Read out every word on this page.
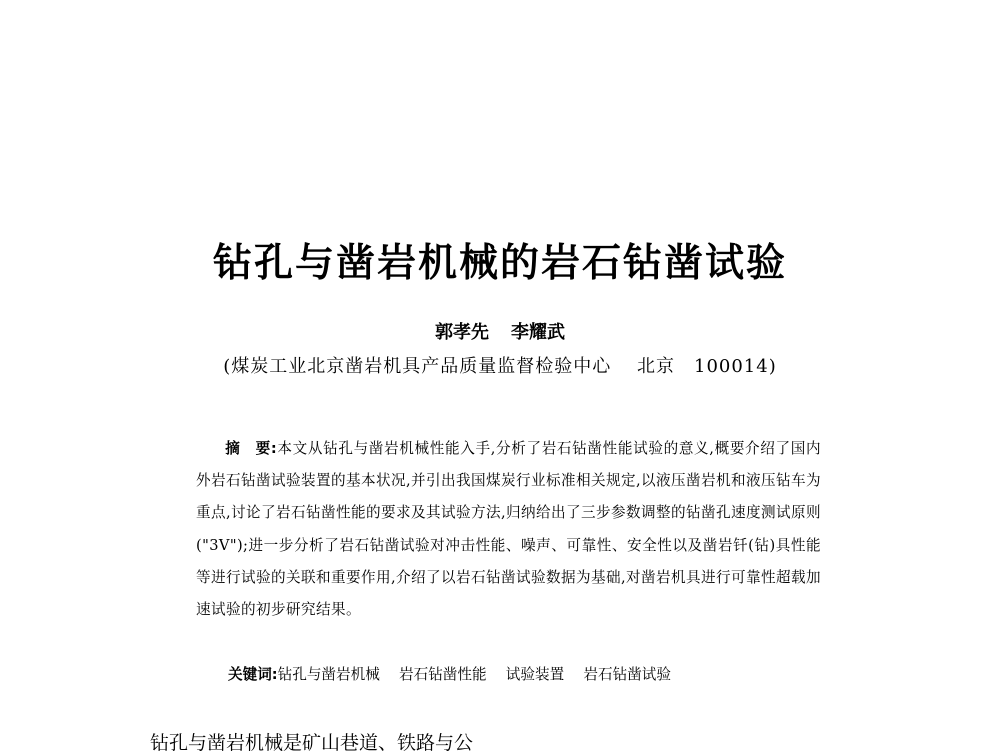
钻孔与凿岩机械的岩石钻凿试验
郭孝先 李耀武
(煤炭工业北京凿岩机具产品质量监督检验中心　 北京　100014)

摘　要:本文从钻孔与凿岩机械性能入手,分析了岩石钻凿性能试验的意义,概要介绍了国内外岩石钻凿试验装置的基本状况,并引出我国煤炭行业标准相关规定,以液压凿岩机和液压钻车为重点,讨论了岩石钻凿性能的要求及其试验方法,归纳给出了三步参数调整的钻凿孔速度测试原则("3V");进一步分析了岩石钻凿试验对冲击性能、噪声、可靠性、安全性以及凿岩钎(钻)具性能等进行试验的关联和重要作用,介绍了以岩石钻凿试验数据为基础,对凿岩机具进行可靠性超载加速试验的初步研究结果。

关键词:钻孔与凿岩机械　 岩石钻凿性能　 试验装置　 岩石钻凿试验
钻孔与凿岩机械是矿山巷道、铁路与公
